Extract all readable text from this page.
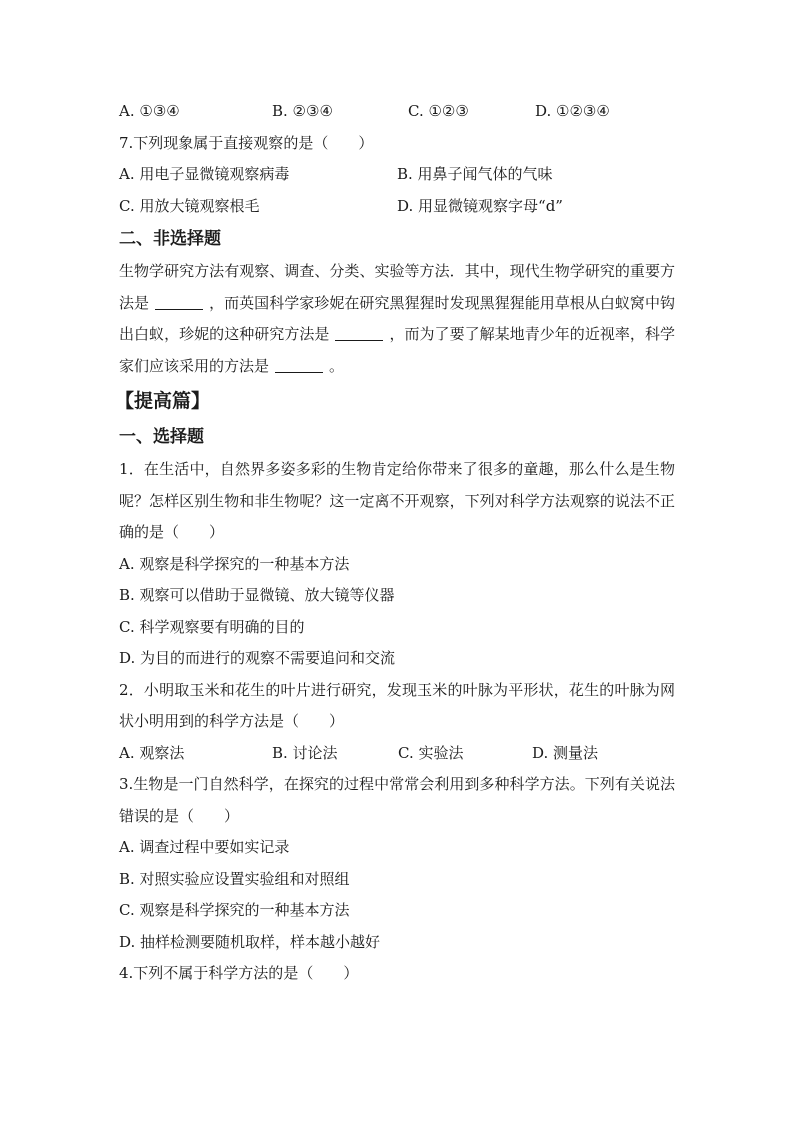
A. ①③④	B. ②③④	C. ①②③	D. ①②③④
7.下列现象属于直接观察的是（　　）
A. 用电子显微镜观察病毒	B. 用鼻子闻气体的气味
C. 用放大镜观察根毛	D. 用显微镜观察字母“d”
二、非选择题
生物学研究方法有观察、调查、分类、实验等方法．其中，现代生物学研究的重要方法是	，而英国科学家珍妮在研究黑猩猩时发现黑猩猩能用草根从白蚁窝中钩出白蚁，珍妮的这种研究方法是	，而为了要了解某地青少年的近视率，科学家们应该采用的方法是	。
【提高篇】
一、选择题
1．在生活中，自然界多姿多彩的生物肯定给你带来了很多的童趣，那么什么是生物呢？怎样区别生物和非生物呢？这一定离不开观察，下列对科学方法观察的说法不正确的是（　　）
A. 观察是科学探究的一种基本方法
B. 观察可以借助于显微镜、放大镜等仪器
C. 科学观察要有明确的目的
D. 为目的而进行的观察不需要追问和交流
2．小明取玉米和花生的叶片进行研究，发现玉米的叶脉为平形状，花生的叶脉为网状小明用到的科学方法是（　　）
A. 观察法	B. 讨论法	C. 实验法	D. 测量法
3.生物是一门自然科学，在探究的过程中常常会利用到多种科学方法。下列有关说法错误的是（　　）
A. 调查过程中要如实记录
B. 对照实验应设置实验组和对照组
C. 观察是科学探究的一种基本方法
D. 抽样检测要随机取样，样本越小越好
4.下列不属于科学方法的是（　　）
